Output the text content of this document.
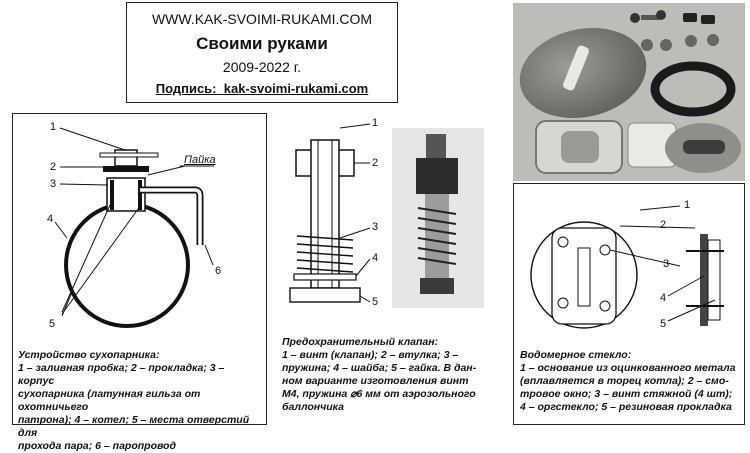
WWW.KAK-SVOIMI-RUKAMI.COM
Своими руками
2009-2022 г.
Подпись: kak-svoimi-rukami.com
1
2
3
4
5
6
Пайка
Устройство сухопарника:
1 – заливная пробка; 2 – прокладка; 3 – корпус
сухопарника (латунная гильза от охотничьего
патрона); 4 – котел; 5 – места отверстий для
прохода пара; 6 – паропровод
1
2
3
4
5
Предохранительный клапан:
1 – винт (клапан); 2 – втулка; 3 –
пружина; 4 – шайба; 5 – гайка. В дан-
ном варианте изготовления винт
М4, пружина ⌀6 мм от аэрозольного
баллончика
1
2
3
4
5
Водомерное стекло:
1 – основание из оцинкованного метала
(вплавляется в торец котла); 2 – смо-
тровое окно; 3 – винт стяжной (4 шт);
4 – оргстекло; 5 – резиновая прокладка
